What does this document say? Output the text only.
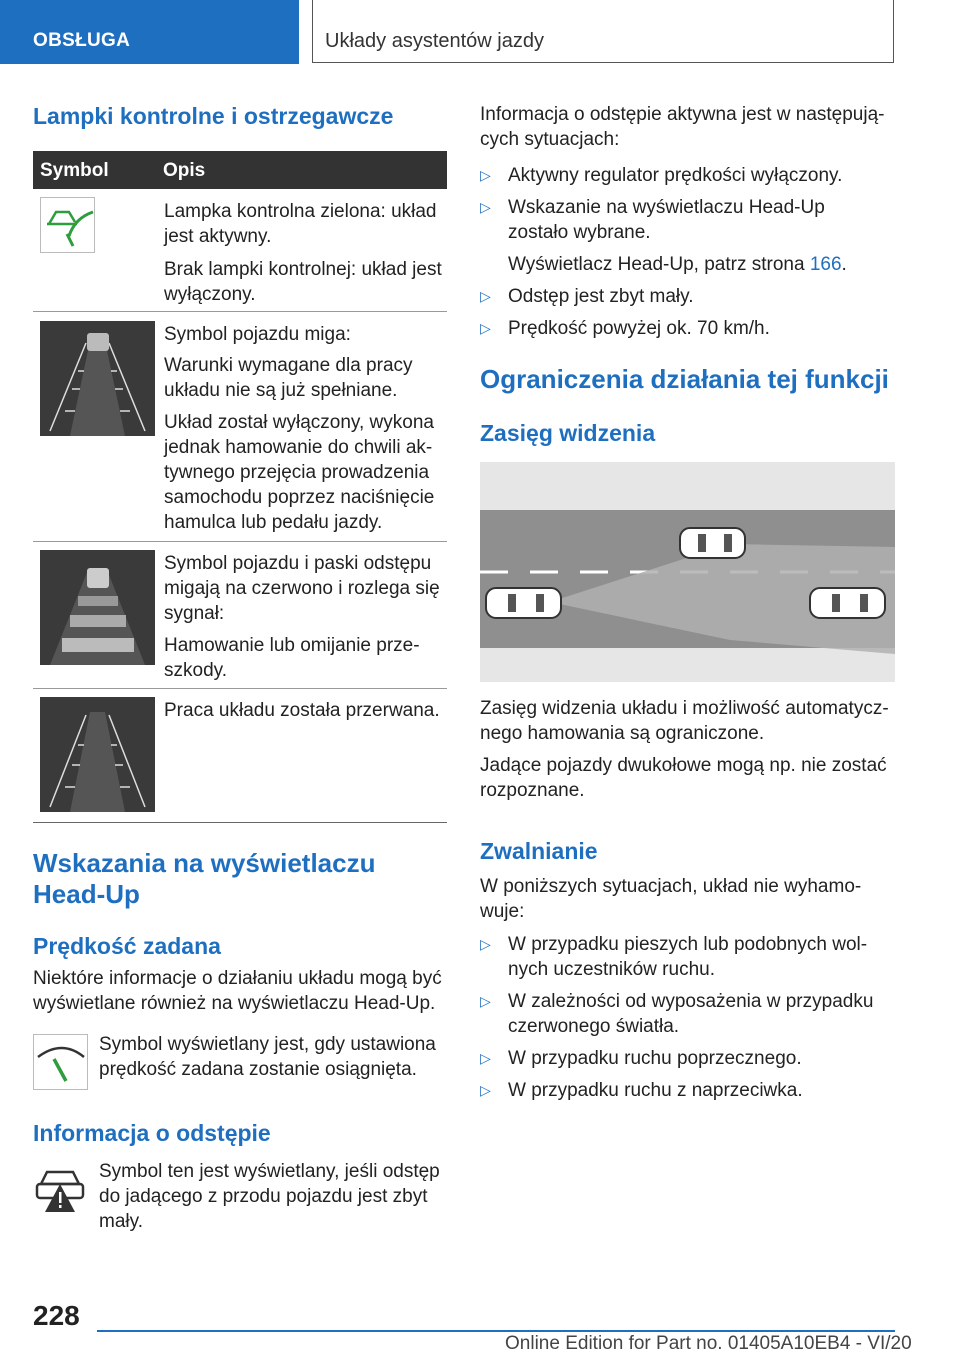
OBSŁUGA	Układy asystentów jazdy
Lampki kontrolne i ostrzegawcze
Symbol	Opis

Lampka kontrolna zielona: układ jest aktywny.

Brak lampki kontrolnej: układ jest wyłączony.

Symbol pojazdu miga:

Warunki wymagane dla pracy układu nie są już spełniane.

Układ został wyłączony, wykona jednak hamowanie do chwili ak-tywnego przejęcia prowadzenia samochodu poprzez naciśnięcie hamulca lub pedału jazdy.

Symbol pojazdu i paski odstępu migają na czerwono i rozlega się sygnał:

Hamowanie lub omijanie prze-szkody.

Praca układu została przerwana.

Wskazania na wyświetlaczu Head-Up
Prędkość zadana

Niektóre informacje o działaniu układu mogą być wyświetlane również na wyświetlaczu Head-Up.

Symbol wyświetlany jest, gdy ustawiona prędkość zadana zostanie osiągnięta.

Informacja o odstępie

Symbol ten jest wyświetlany, jeśli odstęp do jadącego z przodu pojazdu jest zbyt mały.

Informacja o odstępie aktywna jest w następują-cych sytuacjach:

▷ Aktywny regulator prędkości wyłączony.
▷ Wskazanie na wyświetlaczu Head-Up zostało wybrane.

Wyświetlacz Head-Up, patrz strona 166.

▷ Odstęp jest zbyt mały.
▷ Prędkość powyżej ok. 70 km/h.
Ograniczenia działania tej funkcji
Zasięg widzenia

Zasięg widzenia układu i możliwość automatycz-nego hamowania są ograniczone.

Jadące pojazdy dwukołowe mogą np. nie zostać rozpoznane.

Zwalnianie

W poniższych sytuacjach, układ nie wyhamo-wuje:

▷ W przypadku pieszych lub podobnych wol-nych uczestników ruchu.
▷ W zależności od wyposażenia w przypadku czerwonego światła.
▷ W przypadku ruchu poprzecznego.
▷ W przypadku ruchu z naprzeciwka.
228
Online Edition for Part no. 01405A10EB4 - VI/20
